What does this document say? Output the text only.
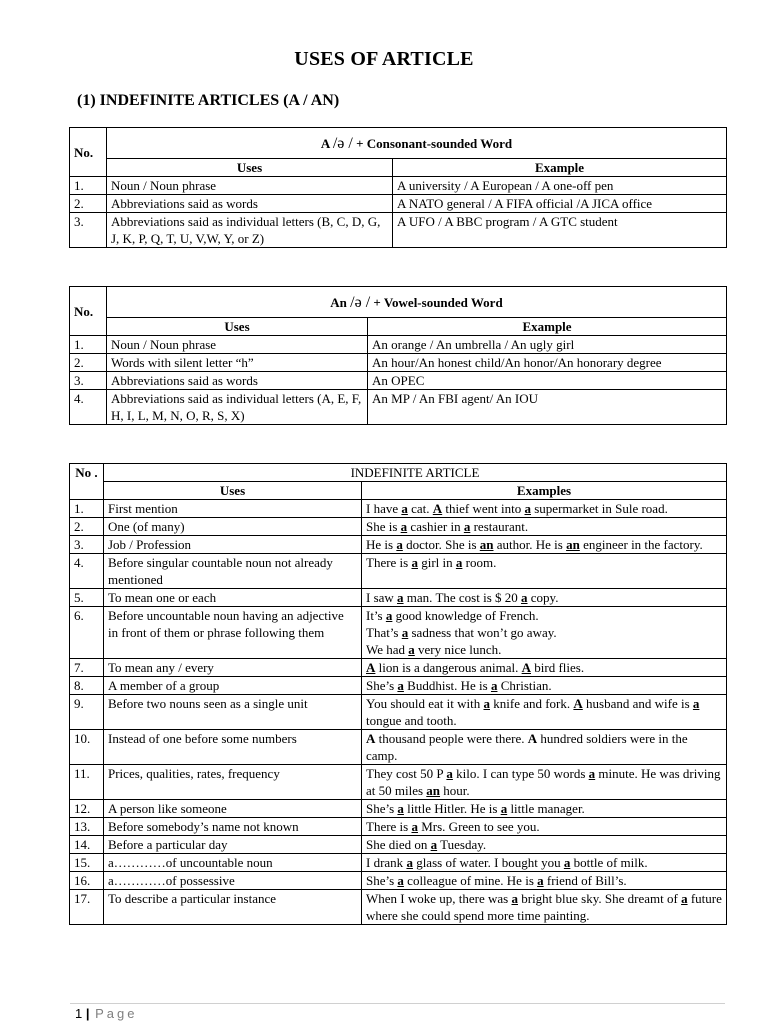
USES OF ARTICLE
(1) INDEFINITE ARTICLES (A / AN)
No.	A /ə / + Consonant-sounded Word	
	Uses	Example
1.	Noun / Noun phrase	A university / A European / A one-off pen
2.	Abbreviations said as words	A NATO general / A FIFA official /A JICA office
3.	Abbreviations said as individual letters (B, C, D, G, J, K, P, Q, T, U, V,W, Y, or Z)	A UFO / A BBC program / A GTC student
No.	An /ə / + Vowel-sounded Word	
	Uses	Example
1.	Noun / Noun phrase	An orange / An umbrella / An ugly girl
2.	Words with silent letter “h”	An hour/An honest child/An honor/An honorary degree
3.	Abbreviations said as words	An OPEC
4.	Abbreviations said as individual letters (A, E, F, H, I, L, M, N, O, R, S, X)	An MP / An FBI agent/ An IOU
No .	INDEFINITE ARTICLE	
	Uses	Examples
1.	First mention	I have a cat. A thief went into a supermarket in Sule road.
2.	One (of many)	She is a cashier in a restaurant.
3.	Job / Profession	He is a doctor. She is an author. He is an engineer in the factory.
4.	Before singular countable noun not already mentioned	There is a girl in a room.
5.	To mean one or each	I saw a man. The cost is $ 20 a copy.
6.	Before uncountable noun having an adjective in front of them or phrase following them	It’s a good knowledge of French.
That’s a sadness that won’t go away.
We had a very nice lunch.
7.	To mean any / every	A lion is a dangerous animal. A bird flies.
8.	A member of a group	She’s a Buddhist. He is a Christian.
9.	Before two nouns seen as a single unit	You should eat it with a knife and fork. A husband and wife is a tongue and tooth.
10.	Instead of one before some numbers	A thousand people were there. A hundred soldiers were in the camp.
11.	Prices, qualities, rates, frequency	They cost 50 P a kilo. I can type 50 words a minute. He was driving at 50 miles an hour.
12.	A person like someone	She’s a little Hitler. He is a little manager.
13.	Before somebody’s name not known	There is a Mrs. Green to see you.
14.	Before a particular day	She died on a Tuesday.
15.	a…………of uncountable noun	I drank a glass of water. I bought you a bottle of milk.
16.	a…………of possessive	She’s a colleague of mine. He is a friend of Bill’s.
17.	To describe a particular instance	When I woke up, there was a bright blue sky. She dreamt of a future where she could spend more time painting.
1 | Page
